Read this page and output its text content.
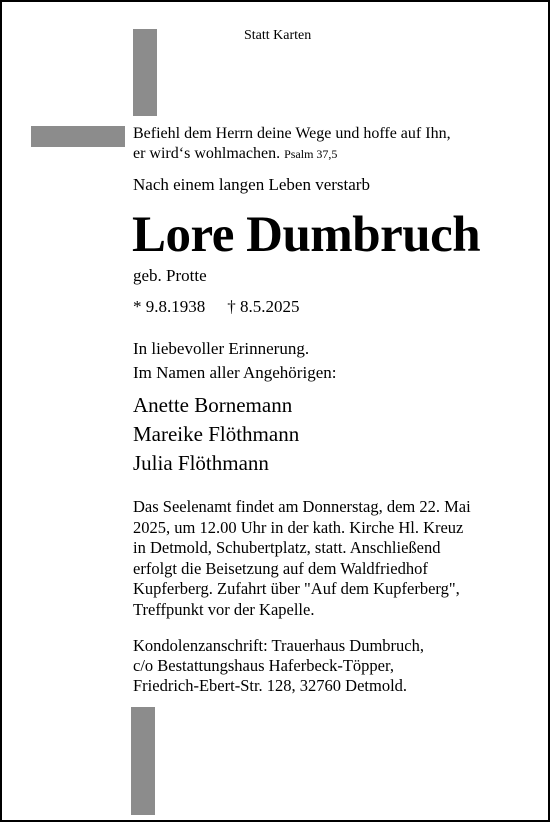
Statt Karten
Befiehl dem Herrn deine Wege und hoffe auf Ihn,
er wird‘s wohlmachen. Psalm 37,5
Nach einem langen Leben verstarb
Lore Dumbruch
geb. Protte
* 9.8.1938 † 8.5.2025
In liebevoller Erinnerung.
Im Namen aller Angehörigen:
Anette Bornemann
Mareike Flöthmann
Julia Flöthmann
Das Seelenamt findet am Donnerstag, dem 22. Mai
2025, um 12.00 Uhr in der kath. Kirche Hl. Kreuz
in Detmold, Schubertplatz, statt. Anschließend
erfolgt die Beisetzung auf dem Waldfriedhof
Kupferberg. Zufahrt über "Auf dem Kupferberg",
Treffpunkt vor der Kapelle.
Kondolenzanschrift: Trauerhaus Dumbruch,
c/o Bestattungshaus Haferbeck-Töpper,
Friedrich-Ebert-Str. 128, 32760 Detmold.
